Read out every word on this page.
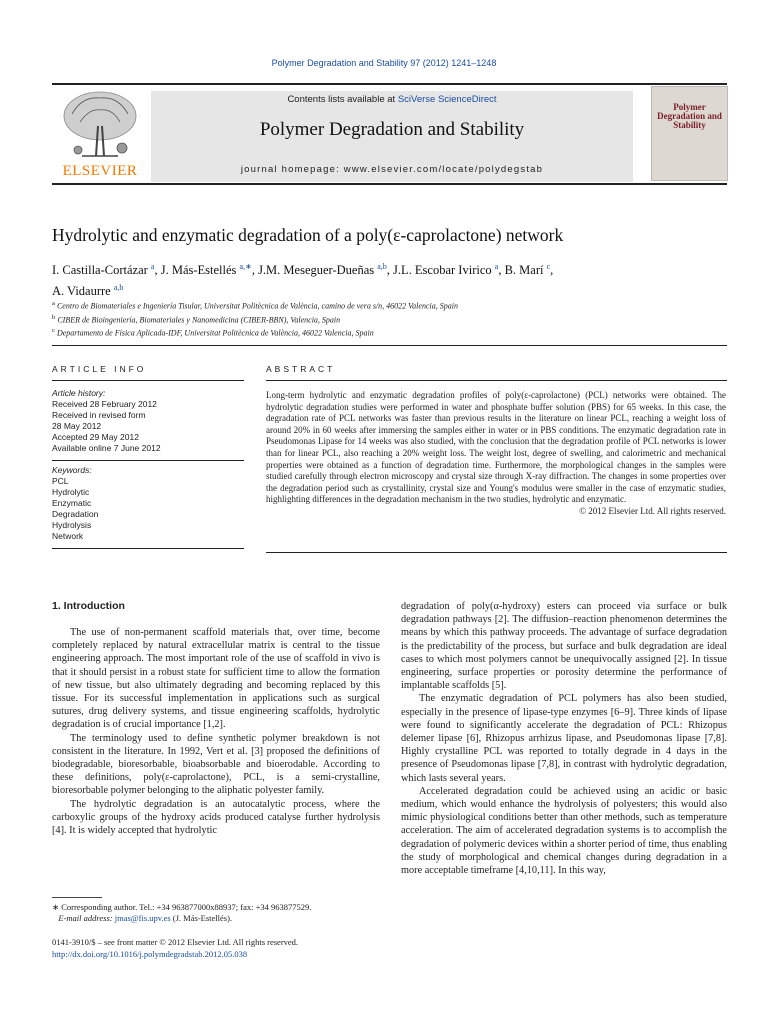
Polymer Degradation and Stability 97 (2012) 1241–1248
ELSEVIER
Contents lists available at SciVerse ScienceDirect
Polymer Degradation and Stability
journal homepage: www.elsevier.com/locate/polydegstab
Polymer Degradation and Stability
Hydrolytic and enzymatic degradation of a poly(ε-caprolactone) network
I. Castilla-Cortázar $^a$, J. Más-Estellés $^{a,∗}$, J.M. Meseguer-Dueñas $^{a,b}$, J.L. Escobar Ivirico $^a$, B. Marí $^c$,
A. Vidaurre $^{a,b}$
$^a$ Centro de Biomateriales e Ingeniería Tisular, Universitat Politècnica de València, camino de vera s/n, 46022 Valencia, Spain
$^b$ CIBER de Bioingeniería, Biomateriales y Nanomedicina (CIBER-BBN), Valencia, Spain
$^c$ Departamento de Física Aplicada-IDF, Universitat Politècnica de València, 46022 Valencia, Spain
ARTICLE INFO
Article history:
Received 28 February 2012
Received in revised form
28 May 2012
Accepted 29 May 2012
Available online 7 June 2012
Keywords:
PCL
Hydrolytic
Enzymatic
Degradation
Hydrolysis
Network
ABSTRACT
Long-term hydrolytic and enzymatic degradation profiles of poly(ε-caprolactone) (PCL) networks were obtained. The hydrolytic degradation studies were performed in water and phosphate buffer solution (PBS) for 65 weeks. In this case, the degradation rate of PCL networks was faster than previous results in the literature on linear PCL, reaching a weight loss of around 20% in 60 weeks after immersing the samples either in water or in PBS conditions. The enzymatic degradation rate in Pseudomonas Lipase for 14 weeks was also studied, with the conclusion that the degradation profile of PCL networks is lower than for linear PCL, also reaching a 20% weight loss. The weight lost, degree of swelling, and calorimetric and mechanical properties were obtained as a function of degradation time. Furthermore, the morphological changes in the samples were studied carefully through electron microscopy and crystal size through X-ray diffraction. The changes in some properties over the degradation period such as crystallinity, crystal size and Young's modulus were smaller in the case of enzymatic studies, highlighting differences in the degradation mechanism in the two studies, hydrolytic and enzymatic.
© 2012 Elsevier Ltd. All rights reserved.
1. Introduction

The use of non-permanent scaffold materials that, over time, become completely replaced by natural extracellular matrix is central to the tissue engineering approach. The most important role of the use of scaffold in vivo is that it should persist in a robust state for sufficient time to allow the formation of new tissue, but also ultimately degrading and becoming replaced by this tissue. For its successful implementation in applications such as surgical sutures, drug delivery systems, and tissue engineering scaffolds, hydrolytic degradation is of crucial importance [1,2].

The terminology used to define synthetic polymer breakdown is not consistent in the literature. In 1992, Vert et al. [3] proposed the definitions of biodegradable, bioresorbable, bioabsorbable and bioerodable. According to these definitions, poly(ε-caprolactone), PCL, is a semi-crystalline, bioresorbable polymer belonging to the aliphatic polyester family.

The hydrolytic degradation is an autocatalytic process, where the carboxylic groups of the hydroxy acids produced catalyse further hydrolysis [4]. It is widely accepted that hydrolytic

degradation of poly(α-hydroxy) esters can proceed via surface or bulk degradation pathways [2]. The diffusion–reaction phenomenon determines the means by which this pathway proceeds. The advantage of surface degradation is the predictability of the process, but surface and bulk degradation are ideal cases to which most polymers cannot be unequivocally assigned [2]. In tissue engineering, surface properties or porosity determine the performance of implantable scaffolds [5].

The enzymatic degradation of PCL polymers has also been studied, especially in the presence of lipase-type enzymes [6–9]. Three kinds of lipase were found to significantly accelerate the degradation of PCL: Rhizopus delemer lipase [6], Rhizopus arrhizus lipase, and Pseudomonas lipase [7,8]. Highly crystalline PCL was reported to totally degrade in 4 days in the presence of Pseudomonas lipase [7,8], in contrast with hydrolytic degradation, which lasts several years.

Accelerated degradation could be achieved using an acidic or basic medium, which would enhance the hydrolysis of polyesters; this would also mimic physiological conditions better than other methods, such as temperature acceleration. The aim of accelerated degradation systems is to accomplish the degradation of polymeric devices within a shorter period of time, thus enabling the study of morphological and chemical changes during degradation in a more acceptable timeframe [4,10,11]. In this way,

∗ Corresponding author. Tel.: +34 963877000x88937; fax: +34 963877529.
E-mail address: jmas@fis.upv.es (J. Más-Estellés).
0141-3910/$ – see front matter © 2012 Elsevier Ltd. All rights reserved.
http://dx.doi.org/10.1016/j.polymdegradstab.2012.05.038
